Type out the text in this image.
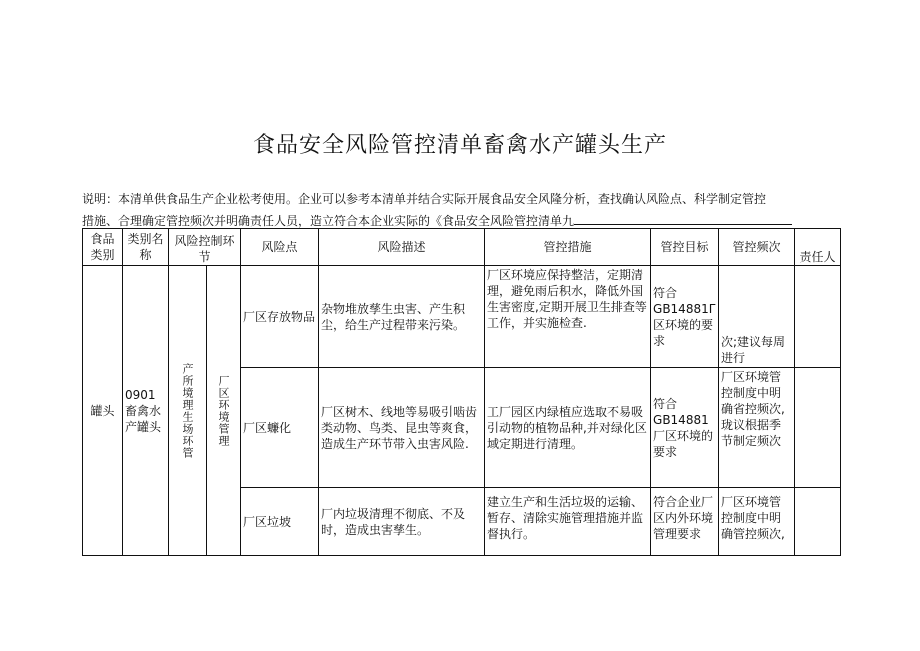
食品安全风险管控清单畜禽水产罐头生产
说明：本清单供食品生产企业松考使用。企业可以参考本清单并结合实际开展食品安全风隆分析，查找确认风险点、科学制定管控
措施、合理确定管控频次并明确责任人员，造立符合本企业实际的《食品安全风险管控清单九
食品类别	类别名称	风险控制环节		风险点	风险描述	管控措施	管控目标	管控频次	责任人
罐头	0901畜禽水产罐头	产所境理生场环管	厂区环境管理	厂区存放物品	杂物堆放孳生虫害、产生积尘，给生产过程带来污染。	厂区环境应保持整洁，定期清理，避免雨后积水，降低外国生害密度,定期开展卫生排查等工作，并实施检查.	符合GB14881Γ区环境的要求	次;建议每周进行	
				厂区蠊化	厂区树木、线地等易吸引啮齿类动物、鸟类、昆虫等爽食，造成生产环节带入虫害风险.	工厂园区内绿植应选取不易吸引动物的植物品种,并对绿化区域定期进行清理。	符合GB14881厂区环境的要求	厂区环境管控制度中明确省控频次,珑议根据季节制定频次	
				厂区垃坡	厂内垃圾清理不彻底、不及时，造成虫害孳生。	建立生产和生活垃圾的运输、暂存、清除实施管理措施并监督执行。	符合企业厂区内外环境管理要求	厂区环境管控制度中明确管控频次,	
